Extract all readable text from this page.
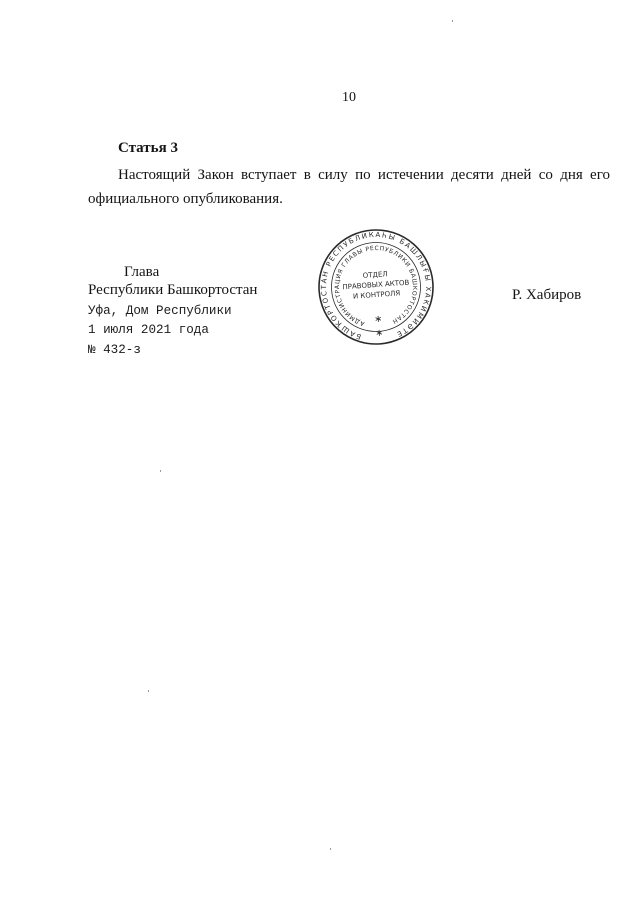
10
Статья 3
Настоящий Закон вступает в силу по истечении десяти дней со дня его
официального опубликования.
Глава
Республики Башкортостан
Уфа, Дом Республики
1 июля 2021 года
№ 432-з
Р. Хабиров
БАШҠОРТОСТАН РЕСПУБЛИКАҺЫ БАШЛЫҒЫ ХАКИМИӘТЕ
АДМИНИСТРАЦИЯ ГЛАВЫ РЕСПУБЛИКИ БАШКОРТОСТАН
ОТДЕЛ
ПРАВОВЫХ АКТОВ
И КОНТРОЛЯ
